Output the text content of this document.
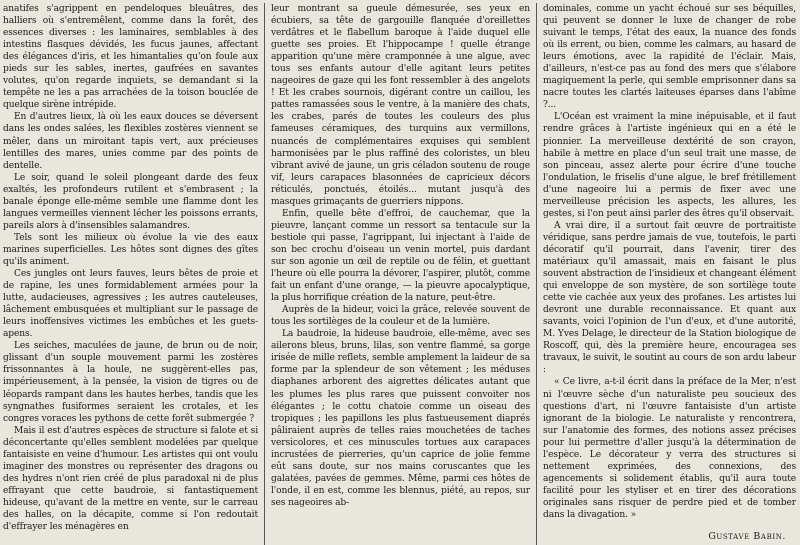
anatifes s'agrippent en pendeloques bleuâtres, des halliers où s'entremêlent, comme dans la forêt, des essences diverses : les laminaires, semblables à des intestins flasques dévidés, les fucus jaunes, affectant des élégances d'iris, et les himantalies qu'on foule aux pieds sur les sables, inertes, gaufrées en savantes volutes, qu'on regarde inquiets, se demandant si la tempête ne les a pas arrachées de la toison bouclée de quelque sirène intrépide.

En d'autres lieux, là où les eaux douces se déversent dans les ondes salées, les flexibles zostères viennent se mêler, dans un miroitant tapis vert, aux précieuses lentilles des mares, unies comme par des points de dentelle.

Le soir, quand le soleil plongeant darde des feux exaltés, les profondeurs rutilent et s'embrasent ; la banale éponge elle-même semble une flamme dont les langues vermeilles viennent lécher les poissons errants, pareils alors à d'insensibles salamandres.

Tels sont les milieux où évolue la vie des eaux marines superficielles. Les hôtes sont dignes des gîtes qu'ils animent.

Ces jungles ont leurs fauves, leurs bêtes de proie et de rapine, les unes formidablement armées pour la lutte, audacieuses, agressives ; les autres cauteleuses, lâchement embusquées et multipliant sur le passage de leurs inoffensives victimes les embûches et les guets-apens.

Les seiches, maculées de jaune, de brun ou de noir, glissant d'un souple mouvement parmi les zostères frissonnantes à la houle, ne suggèrent-elles pas, impérieusement, à la pensée, la vision de tigres ou de léopards rampant dans les hautes herbes, tandis que les syngnathes fusiformes seraient les crotales, et les congres voraces les pythons de cette forêt submergée ?

Mais il est d'autres espèces de structure si falote et si déconcertante qu'elles semblent modelées par quelque fantaisiste en veine d'humour. Les artistes qui ont voulu imaginer des monstres ou représenter des dragons ou des hydres n'ont rien créé de plus paradoxal ni de plus effrayant que cette baudroie, si fantastiquement hideuse, qu'avant de la mettre en vente, sur le carreau des halles, on la décapite, comme si l'on redoutait d'effrayer les ménagères en

leur montrant sa gueule démesurée, ses yeux en écubiers, sa tête de gargouille flanquée d'oreillettes verdâtres et le flabellum baroque à l'aide duquel elle guette ses proies. Et l'hippocampe ! quelle étrange apparition qu'une mère cramponnée à une algue, avec tous ses enfants autour d'elle agitant leurs petites nageoires de gaze qui les font ressembler à des angelots ! Et les crabes sournois, digérant contre un caillou, les pattes ramassées sous le ventre, à la manière des chats, les crabes, parés de toutes les couleurs des plus fameuses céramiques, des turquins aux vermillons, nuancés de complémentaires exquises qui semblent harmonisées par le plus raffiné des coloristes, un bleu vibrant avivé de jaune, un gris céladon soutenu de rouge vif, leurs carapaces blasonnées de capricieux décors réticulés, ponctués, étoilés... mutant jusqu'à des masques grimaçants de guerriers nippons.

Enfin, quelle bête d'effroi, de cauchemar, que la pieuvre, lançant comme un ressort sa tentacule sur la bestiole qui passe, l'agrippant, lui injectant à l'aide de son bec crochu d'oiseau un venin mortel, puis dardant sur son agonie un œil de reptile ou de félin, et guettant l'heure où elle pourra la dévorer, l'aspirer, plutôt, comme fait un enfant d'une orange, — la pieuvre apocalyptique, la plus horrifique création de la nature, peut-être.

Auprès de la hideur, voici la grâce, relevée souvent de tous les sortilèges de la couleur et de la lumière.

La baudroie, la hideuse baudroie, elle-même, avec ses ailerons bleus, bruns, lilas, son ventre flammé, sa gorge irisée de mille reflets, semble amplement la laideur de sa forme par la splendeur de son vêtement ; les méduses diaphanes arborent des aigrettes délicates autant que les plumes les plus rares que puissent convoiter nos élégantes ; le cottu chatoie comme un oiseau des tropiques ; les papillons les plus fastueusement diaprés pâliraient auprès de telles raies mouchetées de taches versicolores, et ces minuscules tortues aux carapaces incrustées de pierreries, qu'un caprice de jolie femme eût sans doute, sur nos mains coruscantes que les galatées, pavées de gemmes. Même, parmi ces hôtes de l'onde, il en est, comme les blennus, piété, au repos, sur ses nageoires ab-

dominales, comme un yacht échoué sur ses béquilles, qui peuvent se donner le luxe de changer de robe suivant le temps, l'état des eaux, la nuance des fonds où ils errent, ou bien, comme les calmars, au hasard de leurs émotions, avec la rapidité de l'éclair. Mais, d'ailleurs, n'est-ce pas au fond des mers que s'élabore magiquement la perle, qui semble emprisonner dans sa nacre toutes les clartés laiteuses éparses dans l'abîme ?...

L'Océan est vraiment la mine inépuisable, et il faut rendre grâces à l'artiste ingénieux qui en a été le pionnier. La merveilleuse dextérité de son crayon, habile à mettre en place d'un seul trait une masse, de son pinceau, assez alerte pour écrire d'une touche l'ondulation, le friselis d'une algue, le bref frétillement d'une nageoire lui a permis de fixer avec une merveilleuse précision les aspects, les allures, les gestes, si l'on peut ainsi parler des êtres qu'il observait.

A vrai dire, il a surtout fait œuvre de portraitiste véridique, sans perdre jamais de vue, toutefois, le parti décoratif qu'il pourrait, dans l'avenir, tirer des matériaux qu'il amassait, mais en faisant le plus souvent abstraction de l'insidieux et changeant élément qui enveloppe de son mystère, de son sortilège toute cette vie cachée aux yeux des profanes. Les artistes lui devront une durable reconnaissance. Et quant aux savants, voici l'opinion de l'un d'eux, et d'une autorité, M. Yves Delage, le directeur de la Station biologique de Roscoff, qui, dès la première heure, encouragea ses travaux, le suivit, le soutint au cours de son ardu labeur :

« Ce livre, a-t-il écrit dans la préface de la Mer, n'est ni l'œuvre sèche d'un naturaliste peu soucieux des questions d'art, ni l'œuvre fantaisiste d'un artiste ignorant de la biologie. Le naturaliste y rencontrera, sur l'anatomie des formes, des notions assez précises pour lui permettre d'aller jusqu'à la détermination de l'espèce. Le décorateur y verra des structures si nettement exprimées, des connexions, des agencements si solidement établis, qu'il aura toute facilité pour les styliser et en tirer des décorations originales sans risquer de perdre pied et de tomber dans la divagation. »

Gustave Babin.
